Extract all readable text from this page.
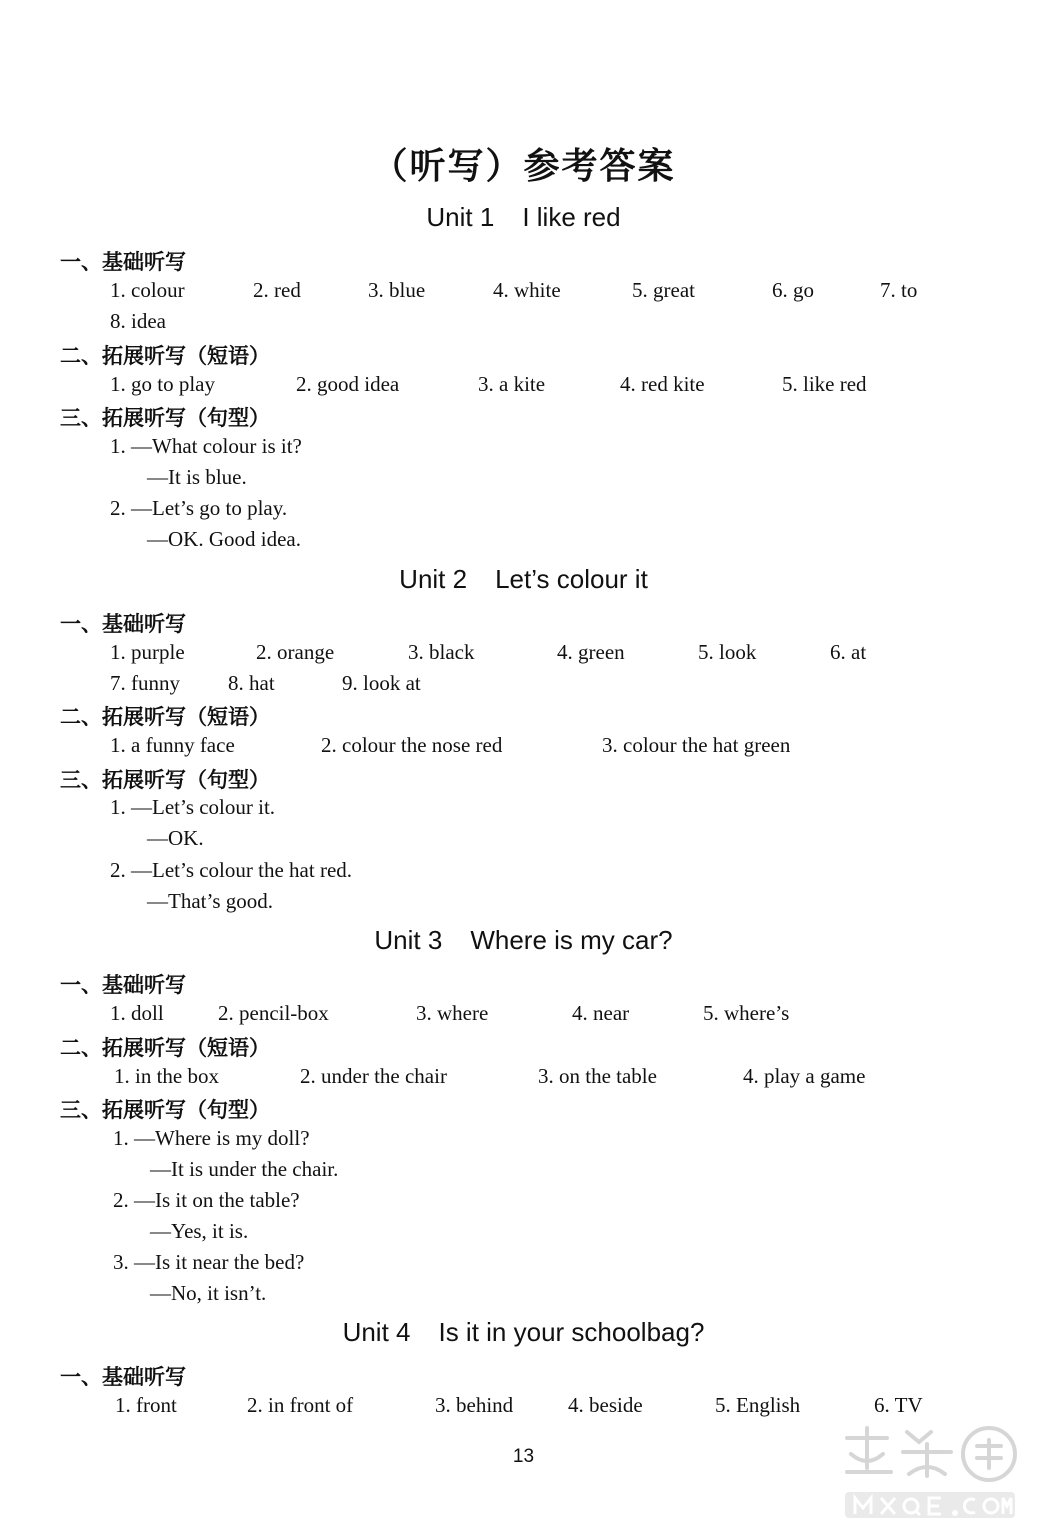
（听写）参考答案
Unit 1 I like red
一、基础听写
1. colour	2. red	3. blue	4. white	5. great	6. go	7. to
8. idea
二、拓展听写（短语）
1. go to play	2. good idea	3. a kite	4. red kite	5. like red
三、拓展听写（句型）
1. —What colour is it?
—It is blue.
2. —Let’s go to play.
—OK. Good idea.
Unit 2 Let’s colour it
一、基础听写
1. purple	2. orange	3. black	4. green	5. look	6. at
7. funny 8. hat	9. look at
二、拓展听写（短语）
1. a funny face	2. colour the nose red	3. colour the hat green
三、拓展听写（句型）
1. —Let’s colour it.
—OK.
2. —Let’s colour the hat red.
—That’s good.
Unit 3 Where is my car?
一、基础听写
1. doll	2. pencil-box	3. where	4. near	5. where’s
二、拓展听写（短语）
1. in the box	2. under the chair	3. on the table	4. play a game
三、拓展听写（句型）
1. —Where is my doll?
—It is under the chair.
2. —Is it on the table?
—Yes, it is.
3. —Is it near the bed?
—No, it isn’t.
Unit 4 Is it in your schoolbag?
一、基础听写
1. front	2. in front of	3. behind	4. beside	5. English	6. TV
13
